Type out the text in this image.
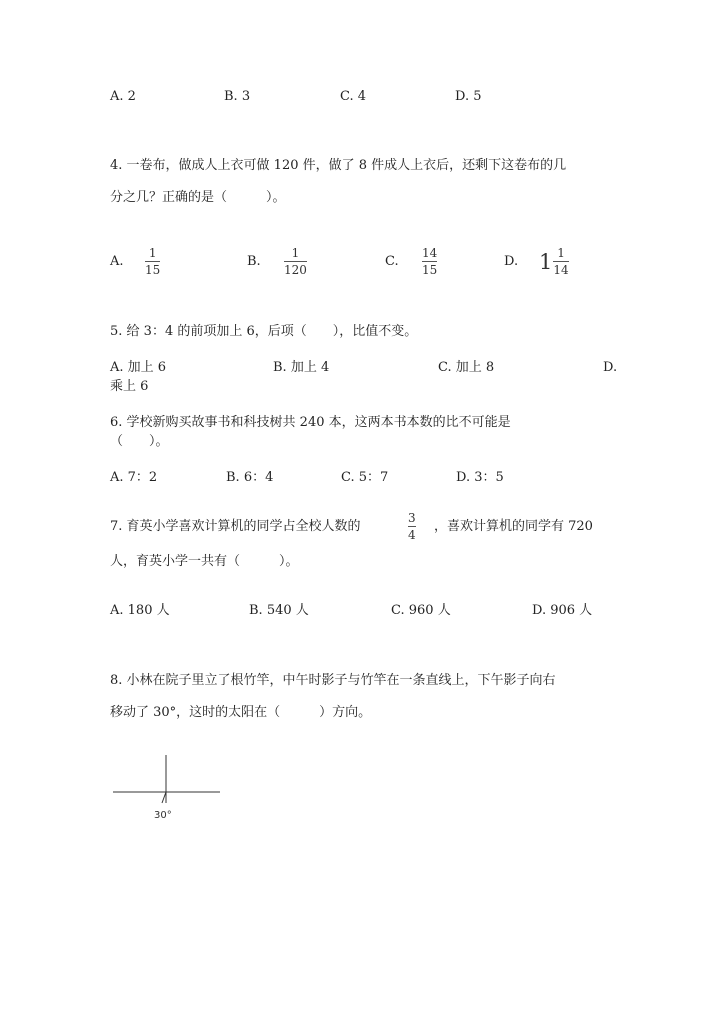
A. 2	B. 3	C. 4	D. 5
4. 一卷布，做成人上衣可做 120 件，做了 8 件成人上衣后，还剩下这卷布的几
分之几？正确的是（　　　）。
A.
1
15
B.
1
120
C.
14
15
D. $1 \frac{1}{14}$
5. 给 3：4 的前项加上 6，后项（　　），比值不变。
A. 加上 6	B. 加上 4	C. 加上 8	D.
乘上 6
6. 学校新购买故事书和科技树共 240 本，这两本书本数的比不可能是
（　　）。
A. 7：2	B. 6：4	C. 5：7	D. 3：5
7. 育英小学喜欢计算机的同学占全校人数的
3
4
，喜欢计算机的同学有 720
人，育英小学一共有（　　　）。
A. 180 人	B. 540 人	C. 960 人	D. 906 人
8. 小林在院子里立了根竹竿，中午时影子与竹竿在一条直线上，下午影子向右
移动了 30°，这时的太阳在（　　　）方向。
30°
